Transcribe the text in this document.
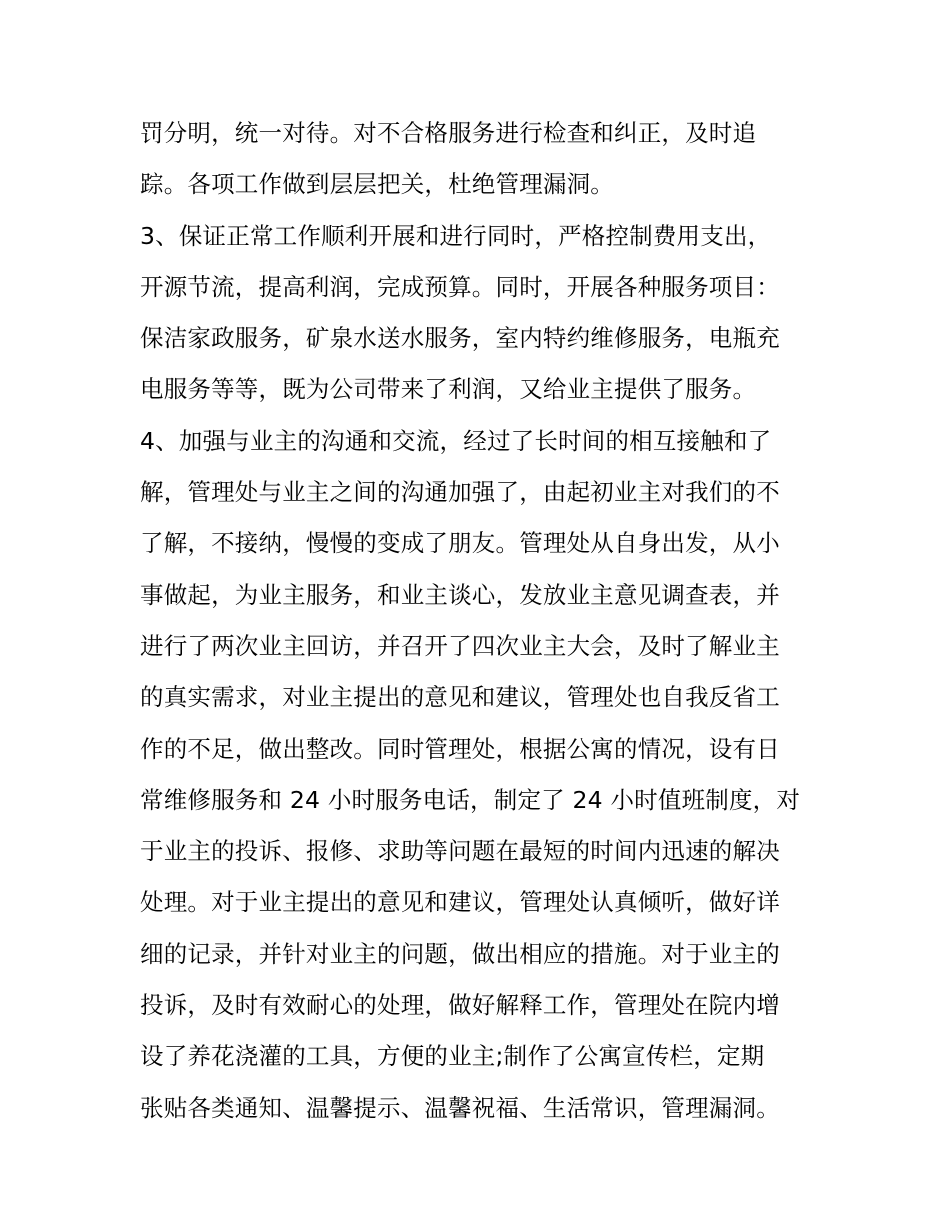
罚分明，统一对待。对不合格服务进行检查和纠正，及时追
踪。各项工作做到层层把关，杜绝管理漏洞。
3、保证正常工作顺利开展和进行同时，严格控制费用支出，
开源节流，提高利润，完成预算。同时，开展各种服务项目：
保洁家政服务，矿泉水送水服务，室内特约维修服务，电瓶充
电服务等等，既为公司带来了利润，又给业主提供了服务。
4、加强与业主的沟通和交流，经过了长时间的相互接触和了
解，管理处与业主之间的沟通加强了，由起初业主对我们的不
了解，不接纳，慢慢的变成了朋友。管理处从自身出发，从小
事做起，为业主服务，和业主谈心，发放业主意见调查表，并
进行了两次业主回访，并召开了四次业主大会，及时了解业主
的真实需求，对业主提出的意见和建议，管理处也自我反省工
作的不足，做出整改。同时管理处，根据公寓的情况，设有日
常维修服务和 24 小时服务电话，制定了 24 小时值班制度，对
于业主的投诉、报修、求助等问题在最短的时间内迅速的解决
处理。对于业主提出的意见和建议，管理处认真倾听，做好详
细的记录，并针对业主的问题，做出相应的措施。对于业主的
投诉，及时有效耐心的处理，做好解释工作，管理处在院内增
设了养花浇灌的工具，方便的业主;制作了公寓宣传栏，定期
张贴各类通知、温馨提示、温馨祝福、生活常识，管理漏洞。
